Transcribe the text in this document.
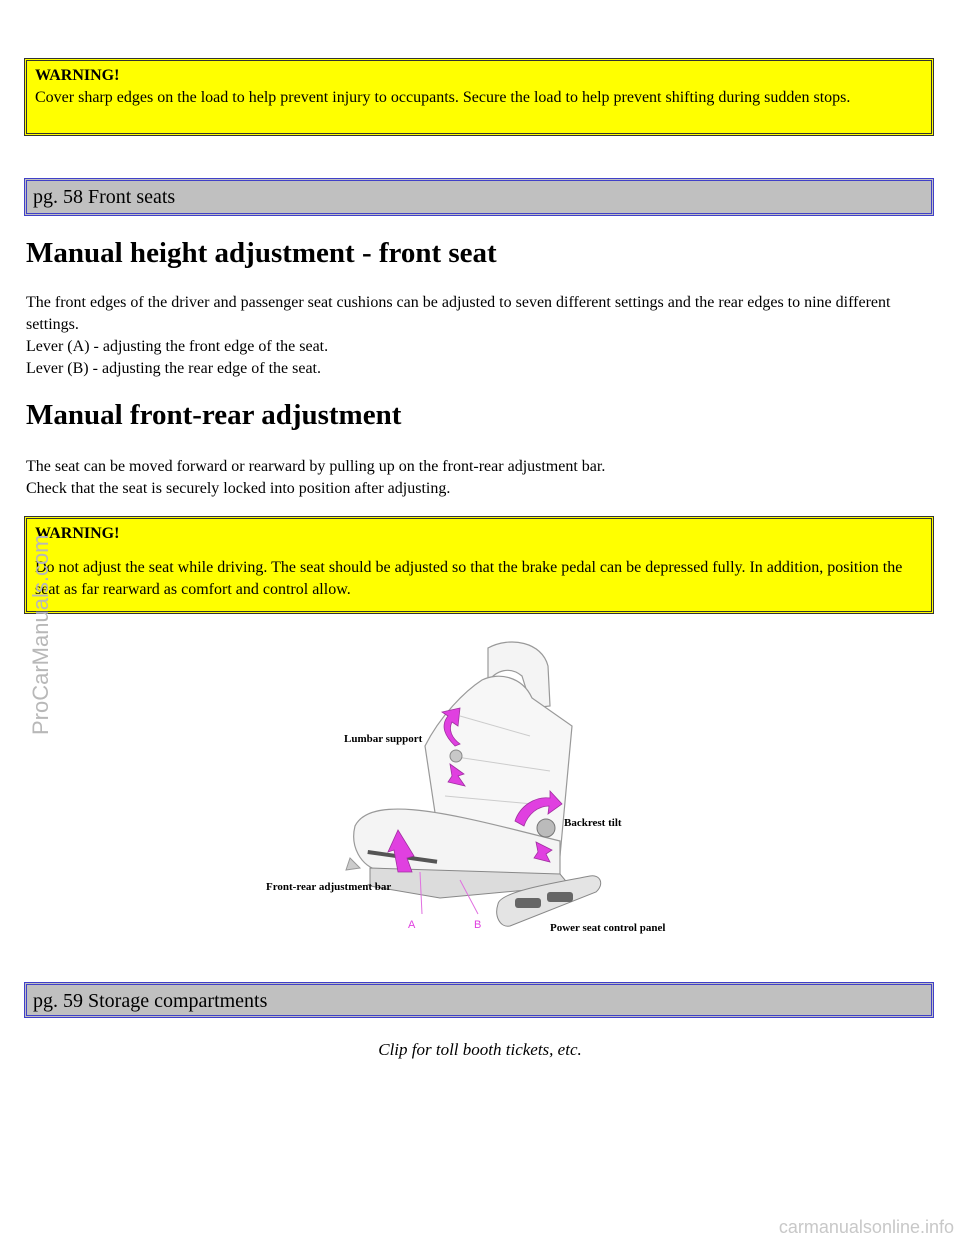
WARNING!
Cover sharp edges on the load to help prevent injury to occupants. Secure the load to help prevent shifting during sudden stops.
pg. 58 Front seats
Manual height adjustment - front seat
The front edges of the driver and passenger seat cushions can be adjusted to seven different settings and the rear edges to nine different settings.
Lever (A) - adjusting the front edge of the seat.
Lever (B) - adjusting the rear edge of the seat.
Manual front-rear adjustment
The seat can be moved forward or rearward by pulling up on the front-rear adjustment bar.
Check that the seat is securely locked into position after adjusting.
WARNING!
Do not adjust the seat while driving. The seat should be adjusted so that the brake pedal can be depressed fully. In addition, position the seat as far rearward as comfort and control allow.
Lumbar support
Backrest tilt
Front-rear adjustment bar
Power seat control panel
A	B
pg. 59 Storage compartments
Clip for toll booth tickets, etc.
ProCarManuals.com
carmanualsonline.info
